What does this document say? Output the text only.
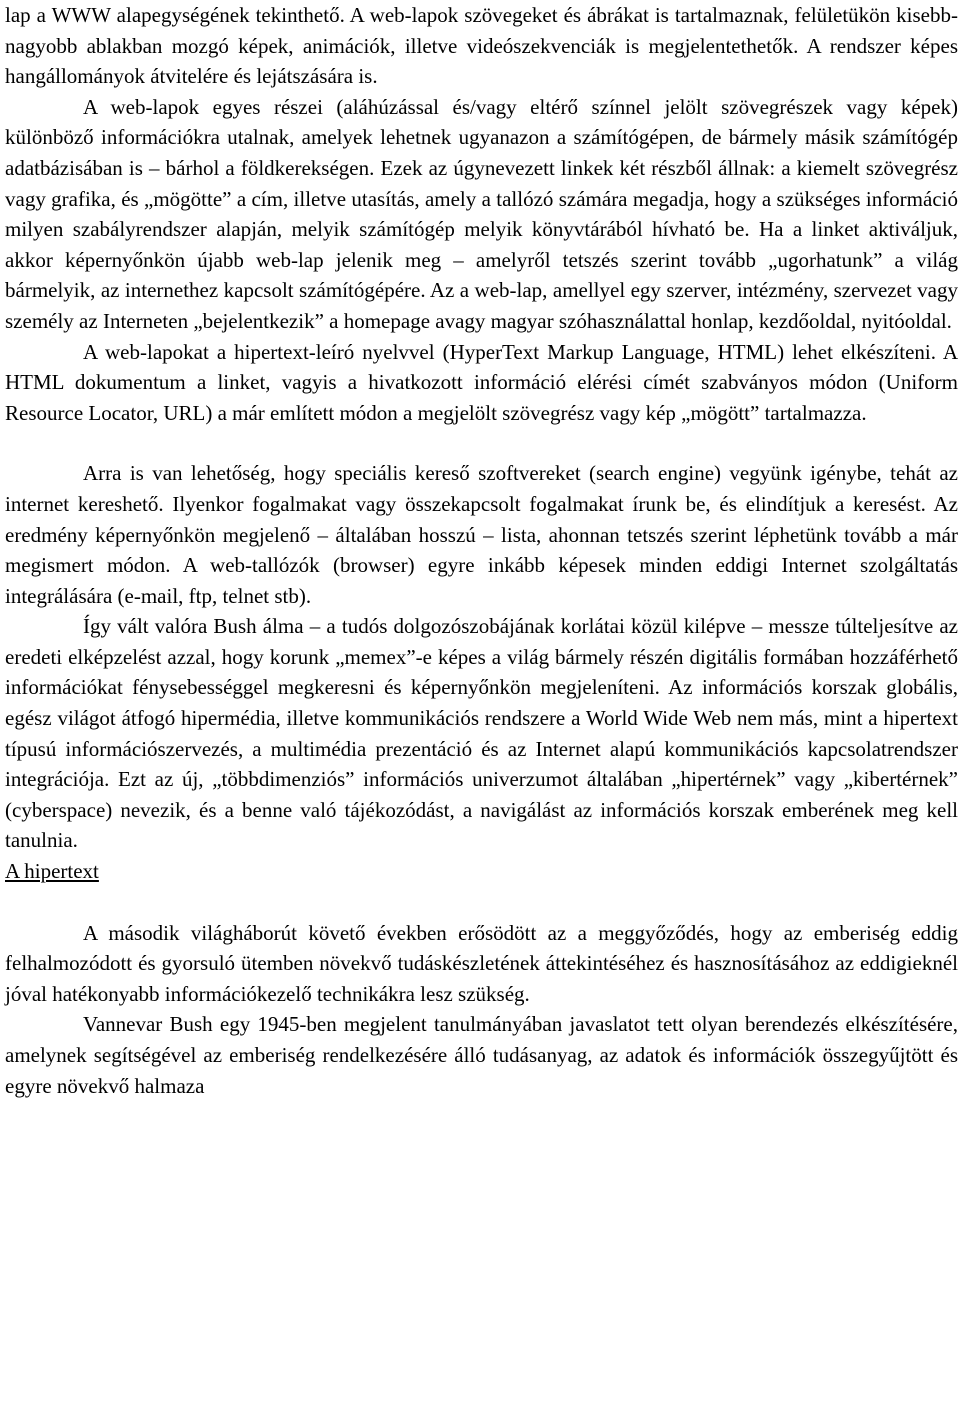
lap a WWW alapegységének tekinthető. A web-lapok szövegeket és ábrákat is tartalmaznak, felületükön kisebb-nagyobb ablakban mozgó képek, animációk, illetve videószekvenciák is megjelentethetők. A rendszer képes hangállományok átvitelére és lejátszására is.

A web-lapok egyes részei (aláhúzással és/vagy eltérő színnel jelölt szövegrészek vagy képek) különböző információkra utalnak, amelyek lehetnek ugyanazon a számítógépen, de bármely másik számítógép adatbázisában is – bárhol a földkerekségen. Ezek az úgynevezett linkek két részből állnak: a kiemelt szövegrész vagy grafika, és „mögötte” a cím, illetve utasítás, amely a tallózó számára megadja, hogy a szükséges információ milyen szabályrendszer alapján, melyik számítógép melyik könyvtárából hívható be. Ha a linket aktiváljuk, akkor képernyőnkön újabb web-lap jelenik meg – amelyről tetszés szerint tovább „ugorhatunk” a világ bármelyik, az internethez kapcsolt számítógépére. Az a web-lap, amellyel egy szerver, intézmény, szervezet vagy személy az Interneten „bejelentkezik” a homepage avagy magyar szóhasználattal honlap, kezdőoldal, nyitóoldal.

A web-lapokat a hipertext-leíró nyelvvel (HyperText Markup Language, HTML) lehet elkészíteni. A HTML dokumentum a linket, vagyis a hivatkozott információ elérési címét szabványos módon (Uniform Resource Locator, URL) a már említett módon a megjelölt szövegrész vagy kép „mögött” tartalmazza.

Arra is van lehetőség, hogy speciális kereső szoftvereket (search engine) vegyünk igénybe, tehát az internet kereshető. Ilyenkor fogalmakat vagy összekapcsolt fogalmakat írunk be, és elindítjuk a keresést. Az eredmény képernyőnkön megjelenő – általában hosszú – lista, ahonnan tetszés szerint léphetünk tovább a már megismert módon. A web-tallózók (browser) egyre inkább képesek minden eddigi Internet szolgáltatás integrálására (e-mail, ftp, telnet stb).

Így vált valóra Bush álma – a tudós dolgozószobájának korlátai közül kilépve – messze túlteljesítve az eredeti elképzelést azzal, hogy korunk „memex”-e képes a világ bármely részén digitális formában hozzáférhető információkat fénysebességgel megkeresni és képernyőnkön megjeleníteni. Az információs korszak globális, egész világot átfogó hipermédia, illetve kommunikációs rendszere a World Wide Web nem más, mint a hipertext típusú információszervezés, a multimédia prezentáció és az Internet alapú kommunikációs kapcsolatrendszer integrációja. Ezt az új, „többdimenziós” információs univerzumot általában „hipertérnek” vagy „kibertérnek” (cyberspace) nevezik, és a benne való tájékozódást, a navigálást az információs korszak emberének meg kell tanulnia.

A hipertext

A második világháborút követő években erősödött az a meggyőződés, hogy az emberiség eddig felhalmozódott és gyorsuló ütemben növekvő tudáskészletének áttekintéséhez és hasznosításához az eddigieknél jóval hatékonyabb információkezelő technikákra lesz szükség.

Vannevar Bush egy 1945-ben megjelent tanulmányában javaslatot tett olyan berendezés elkészítésére, amelynek segítségével az emberiség rendelkezésére álló tudásanyag, az adatok és információk összegyűjtött és egyre növekvő halmaza
